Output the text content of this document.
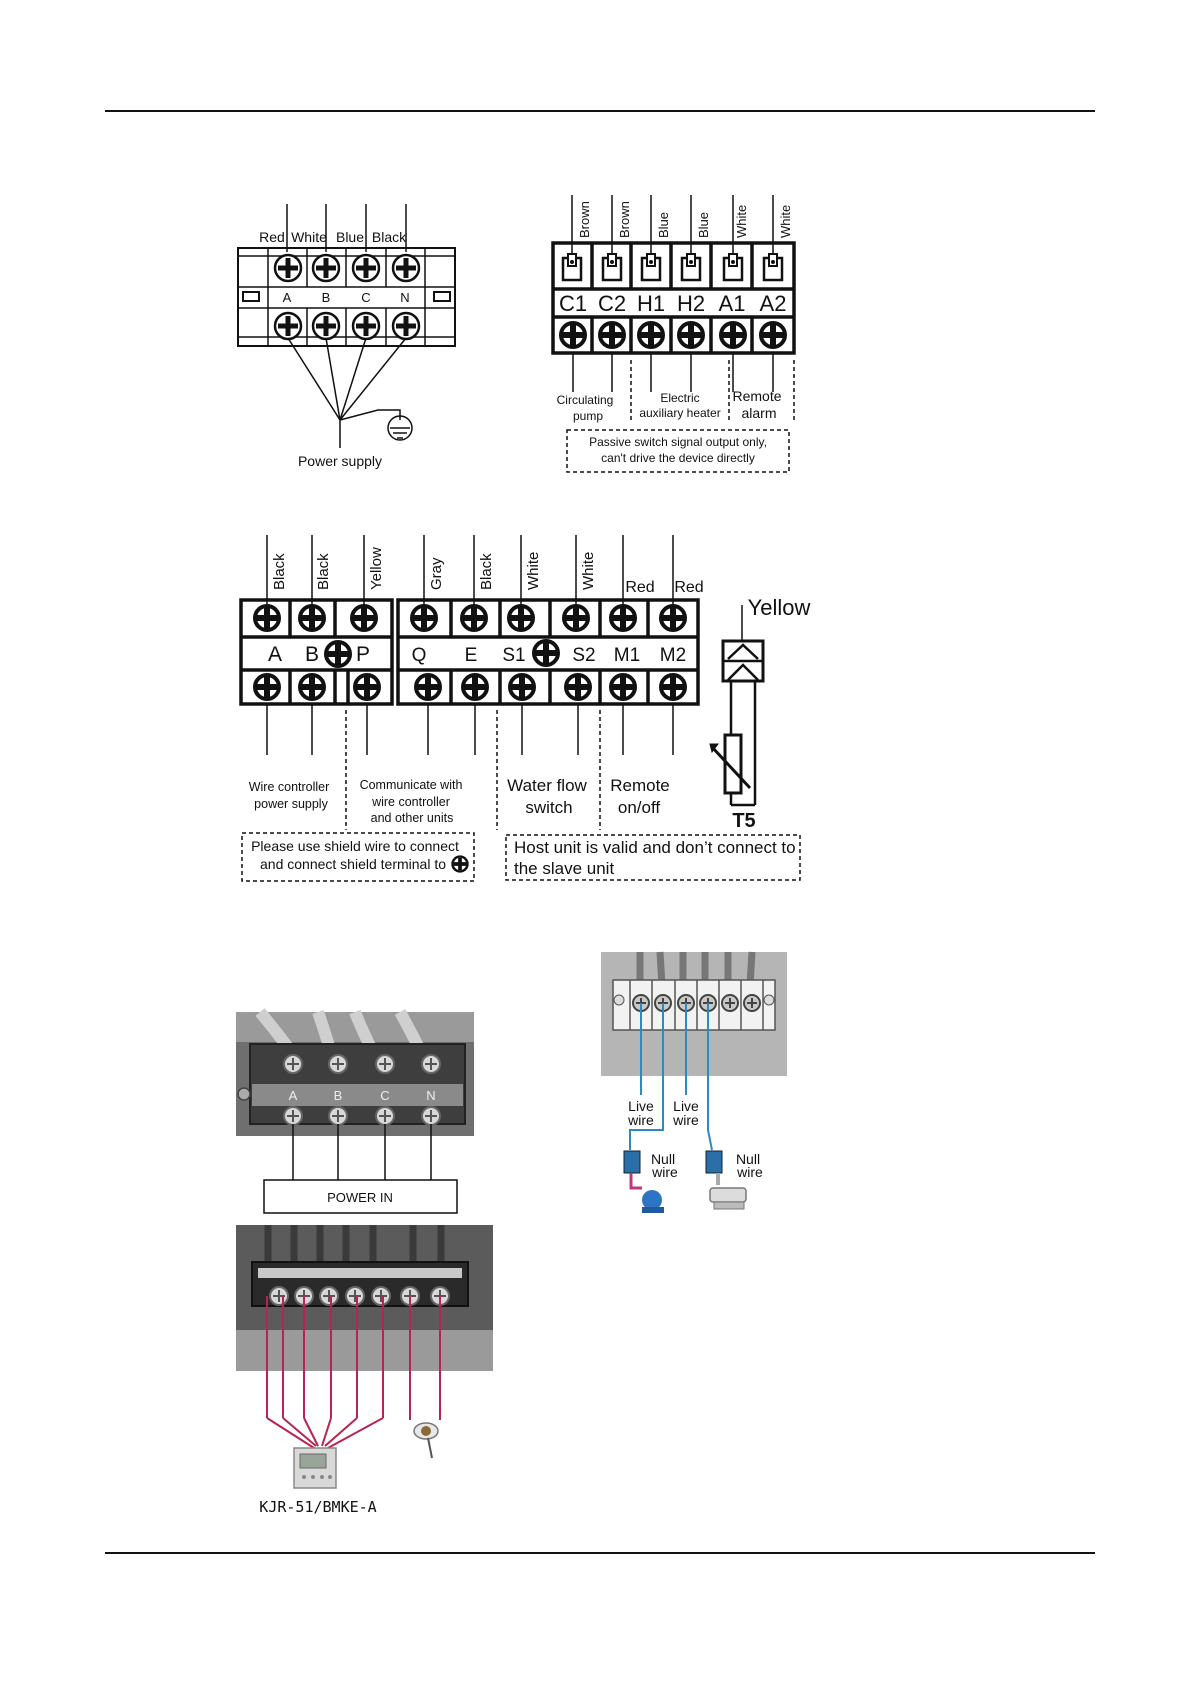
Red White Blue Black
A B C N
Power supply
Brown Brown Blue Blue White White
C1 C2 H1 H2 A1 A2
Circulating
pump
Electric
auxiliary heater
Remote
alarm
Passive switch signal output only,
can't drive the device directly
Black Black Yellow	Gray Black White	White Red Red
A B P Q E S1 S2 M1 M2
Wire controller
power supply
Communicate with
wire controller
and other units
Water flow
switch
Remote
on/off
Please use shield wire to connect
and connect shield terminal to
Host unit is valid and don’t connect to
the slave unit
Yellow
T5
A	B	C	N
POWER IN
Live
wire
Live
wire
Null
wire
Null
wire
KJR-51/BMKE-A
